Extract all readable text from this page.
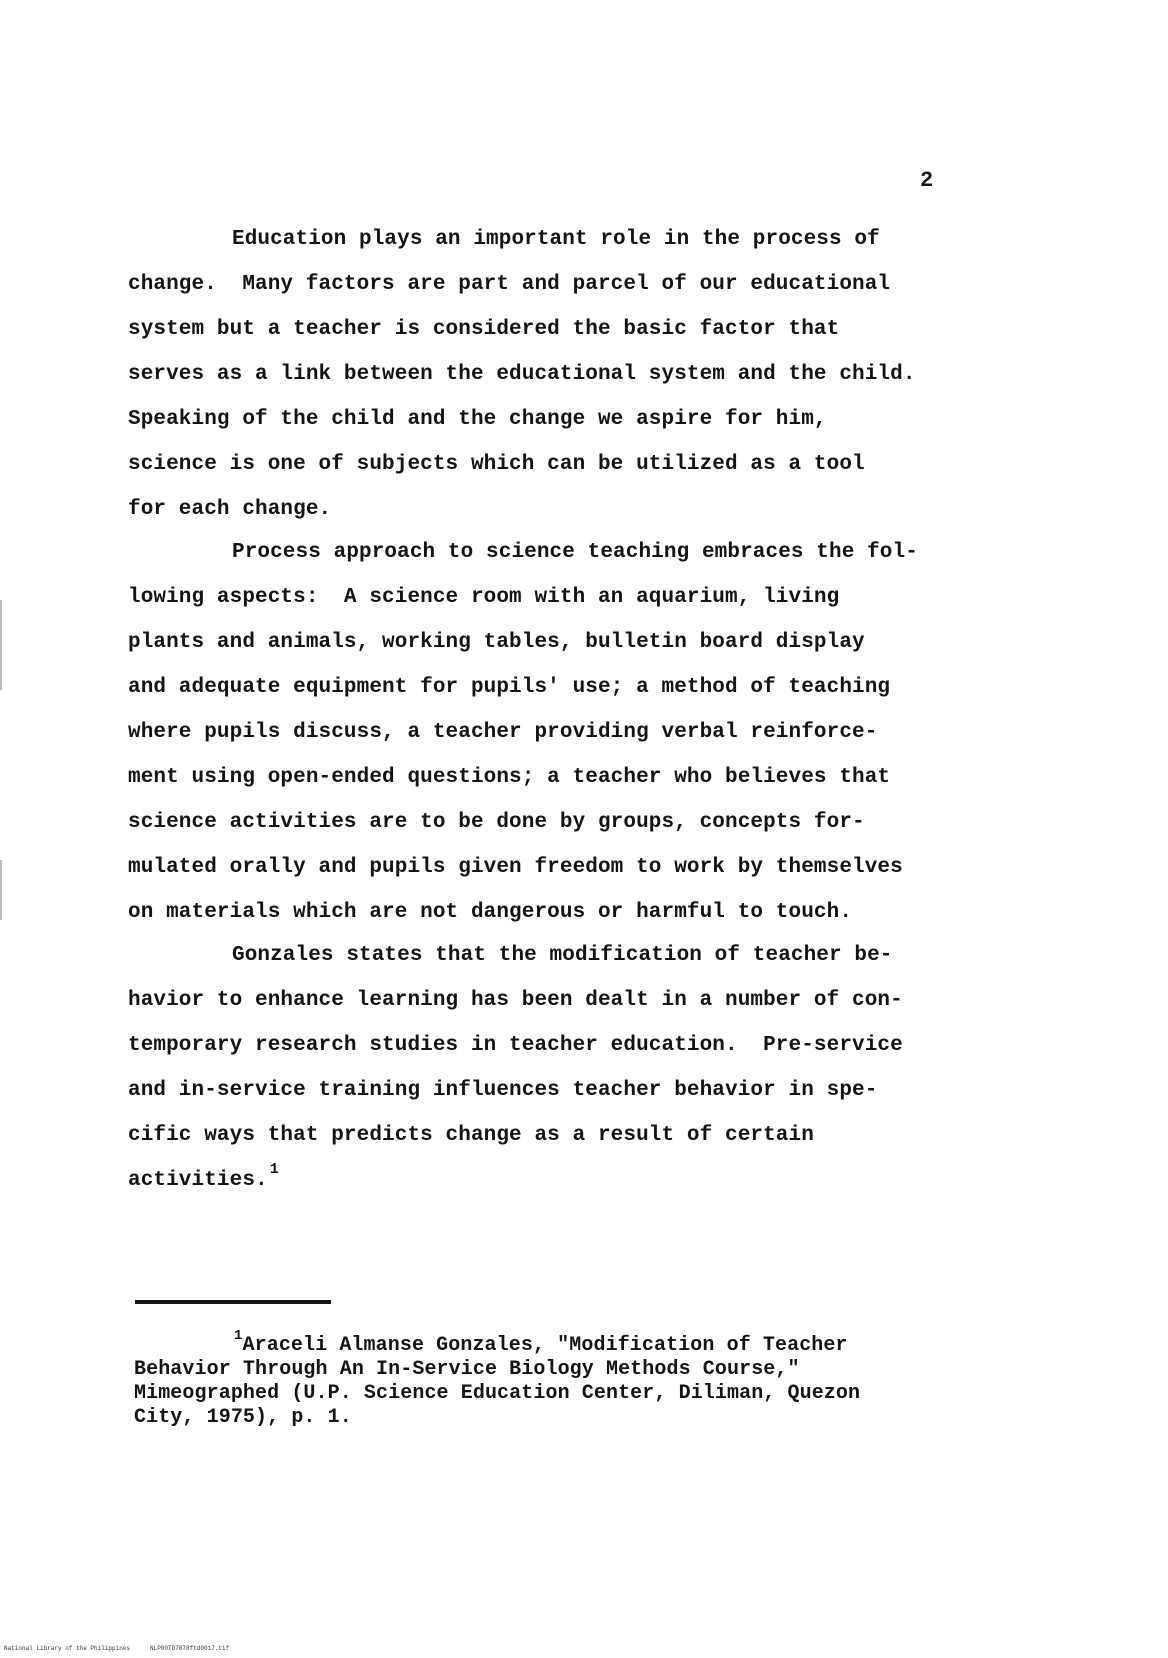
2
Education plays an important role in the process of
change.  Many factors are part and parcel of our educational
system but a teacher is considered the basic factor that
serves as a link between the educational system and the child.
Speaking of the child and the change we aspire for him,
science is one of subjects which can be utilized as a tool
for each change.
Process approach to science teaching embraces the fol-
lowing aspects:  A science room with an aquarium, living
plants and animals, working tables, bulletin board display
and adequate equipment for pupils' use; a method of teaching
where pupils discuss, a teacher providing verbal reinforce-
ment using open-ended questions; a teacher who believes that
science activities are to be done by groups, concepts for-
mulated orally and pupils given freedom to work by themselves
on materials which are not dangerous or harmful to touch.
Gonzales states that the modification of teacher be-
havior to enhance learning has been dealt in a number of con-
temporary research studies in teacher education.  Pre-service
and in-service training influences teacher behavior in spe-
cific ways that predicts change as a result of certain
activities. $^1$
$^1$Araceli Almanse Gonzales, "Modification of Teacher
Behavior Through An In-Service Biology Methods Course,"
Mimeographed (U.P. Science Education Center, Diliman, Quezon
City, 1975), p. 1.
National Library of the Philippines	NLP00TD7878ftd0017.tif
